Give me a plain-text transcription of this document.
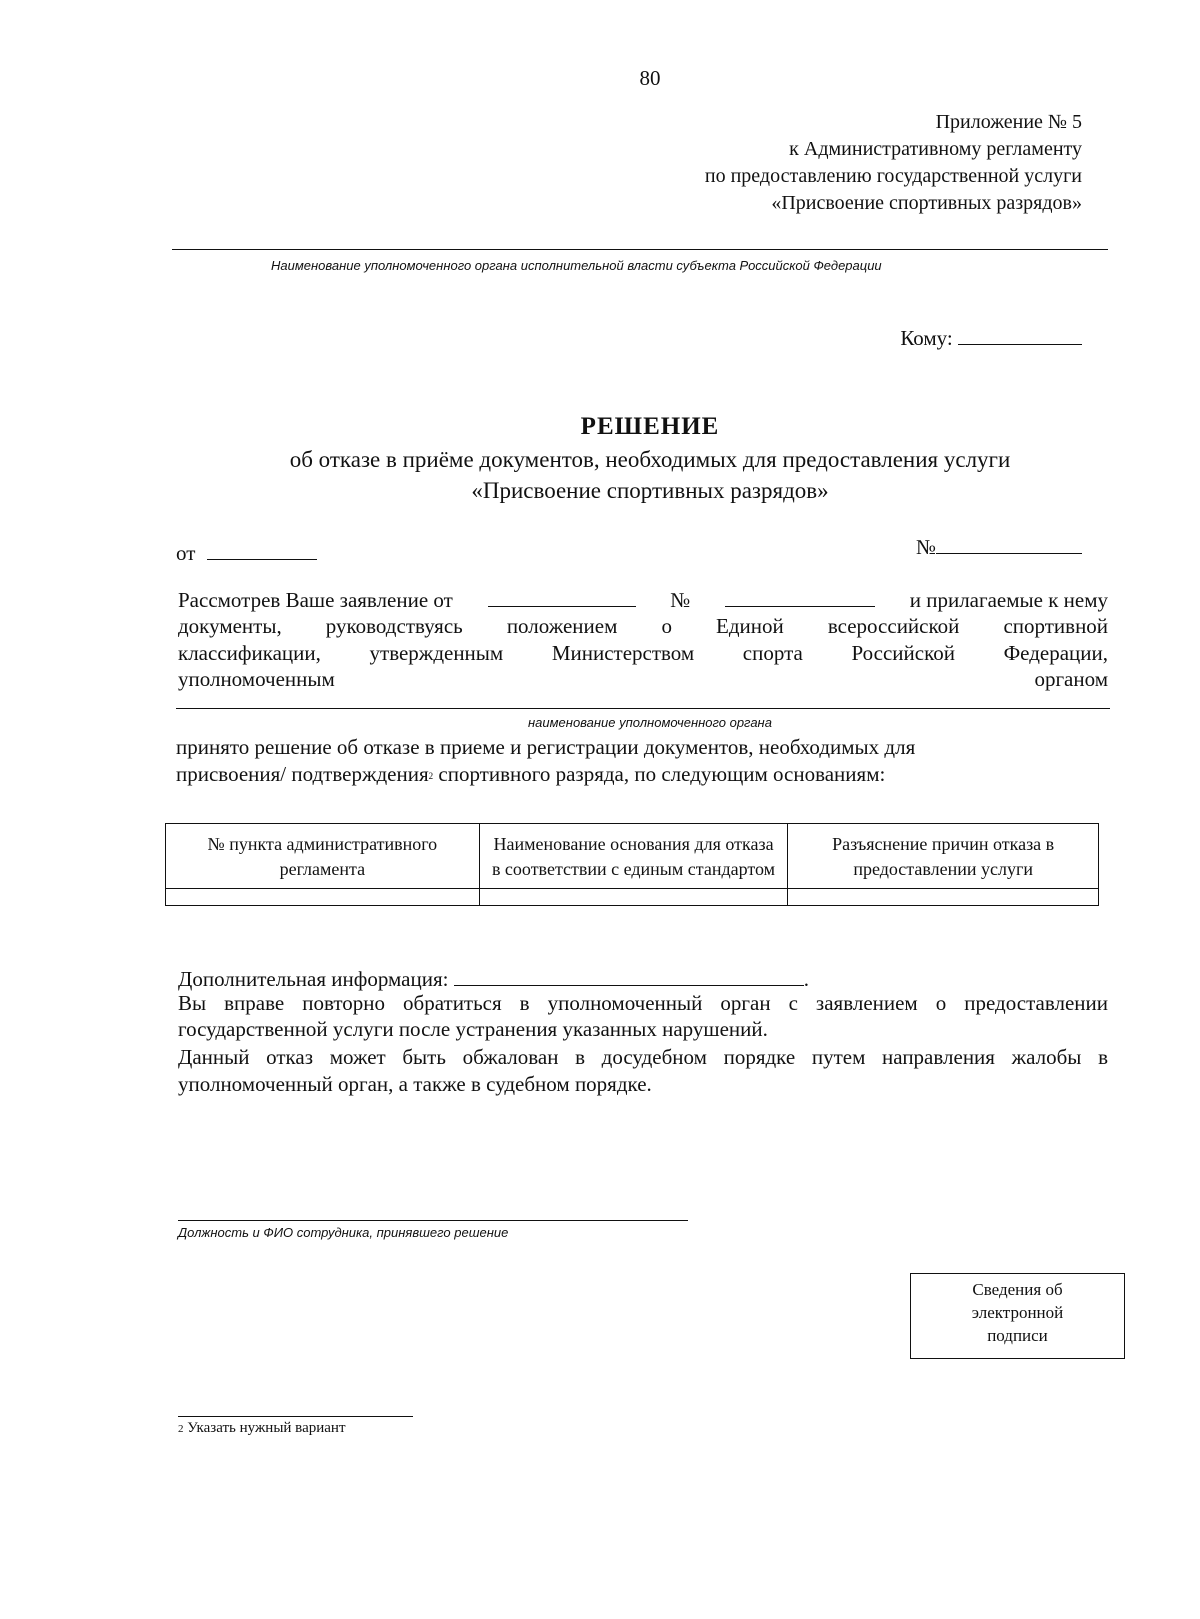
80
Приложение № 5
к Административному регламенту
по предоставлению государственной услуги
«Присвоение спортивных разрядов»
Наименование уполномоченного органа исполнительной власти субъекта Российской Федерации
Кому:
РЕШЕНИЕ
об отказе в приёме документов, необходимых для предоставления услуги
«Присвоение спортивных разрядов»
от	№
Рассмотрев Ваше заявление от	№	и прилагаемые к нему
документы, руководствуясь положением о Единой всероссийской спортивной
классификации, утвержденным Министерством спорта Российской Федерации,
уполномоченным	органом
наименование уполномоченного органа
принято решение об отказе в приеме и регистрации документов, необходимых для
присвоения/ подтверждения$^2$ спортивного разряда, по следующим основаниям:
№ пункта административного регламента	Наименование основания для отказа в соответствии с единым стандартом	Разъяснение причин отказа в предоставлении услуги

Дополнительная информация:	.
Вы вправе повторно обратиться в уполномоченный орган с заявлением о предоставлении
государственной услуги после устранения указанных нарушений.
Данный отказ может быть обжалован в досудебном порядке путем направления жалобы в
уполномоченный орган, а также в судебном порядке.
Должность и ФИО сотрудника, принявшего решение
Сведения об
электронной
подписи
2 Указать нужный вариант
